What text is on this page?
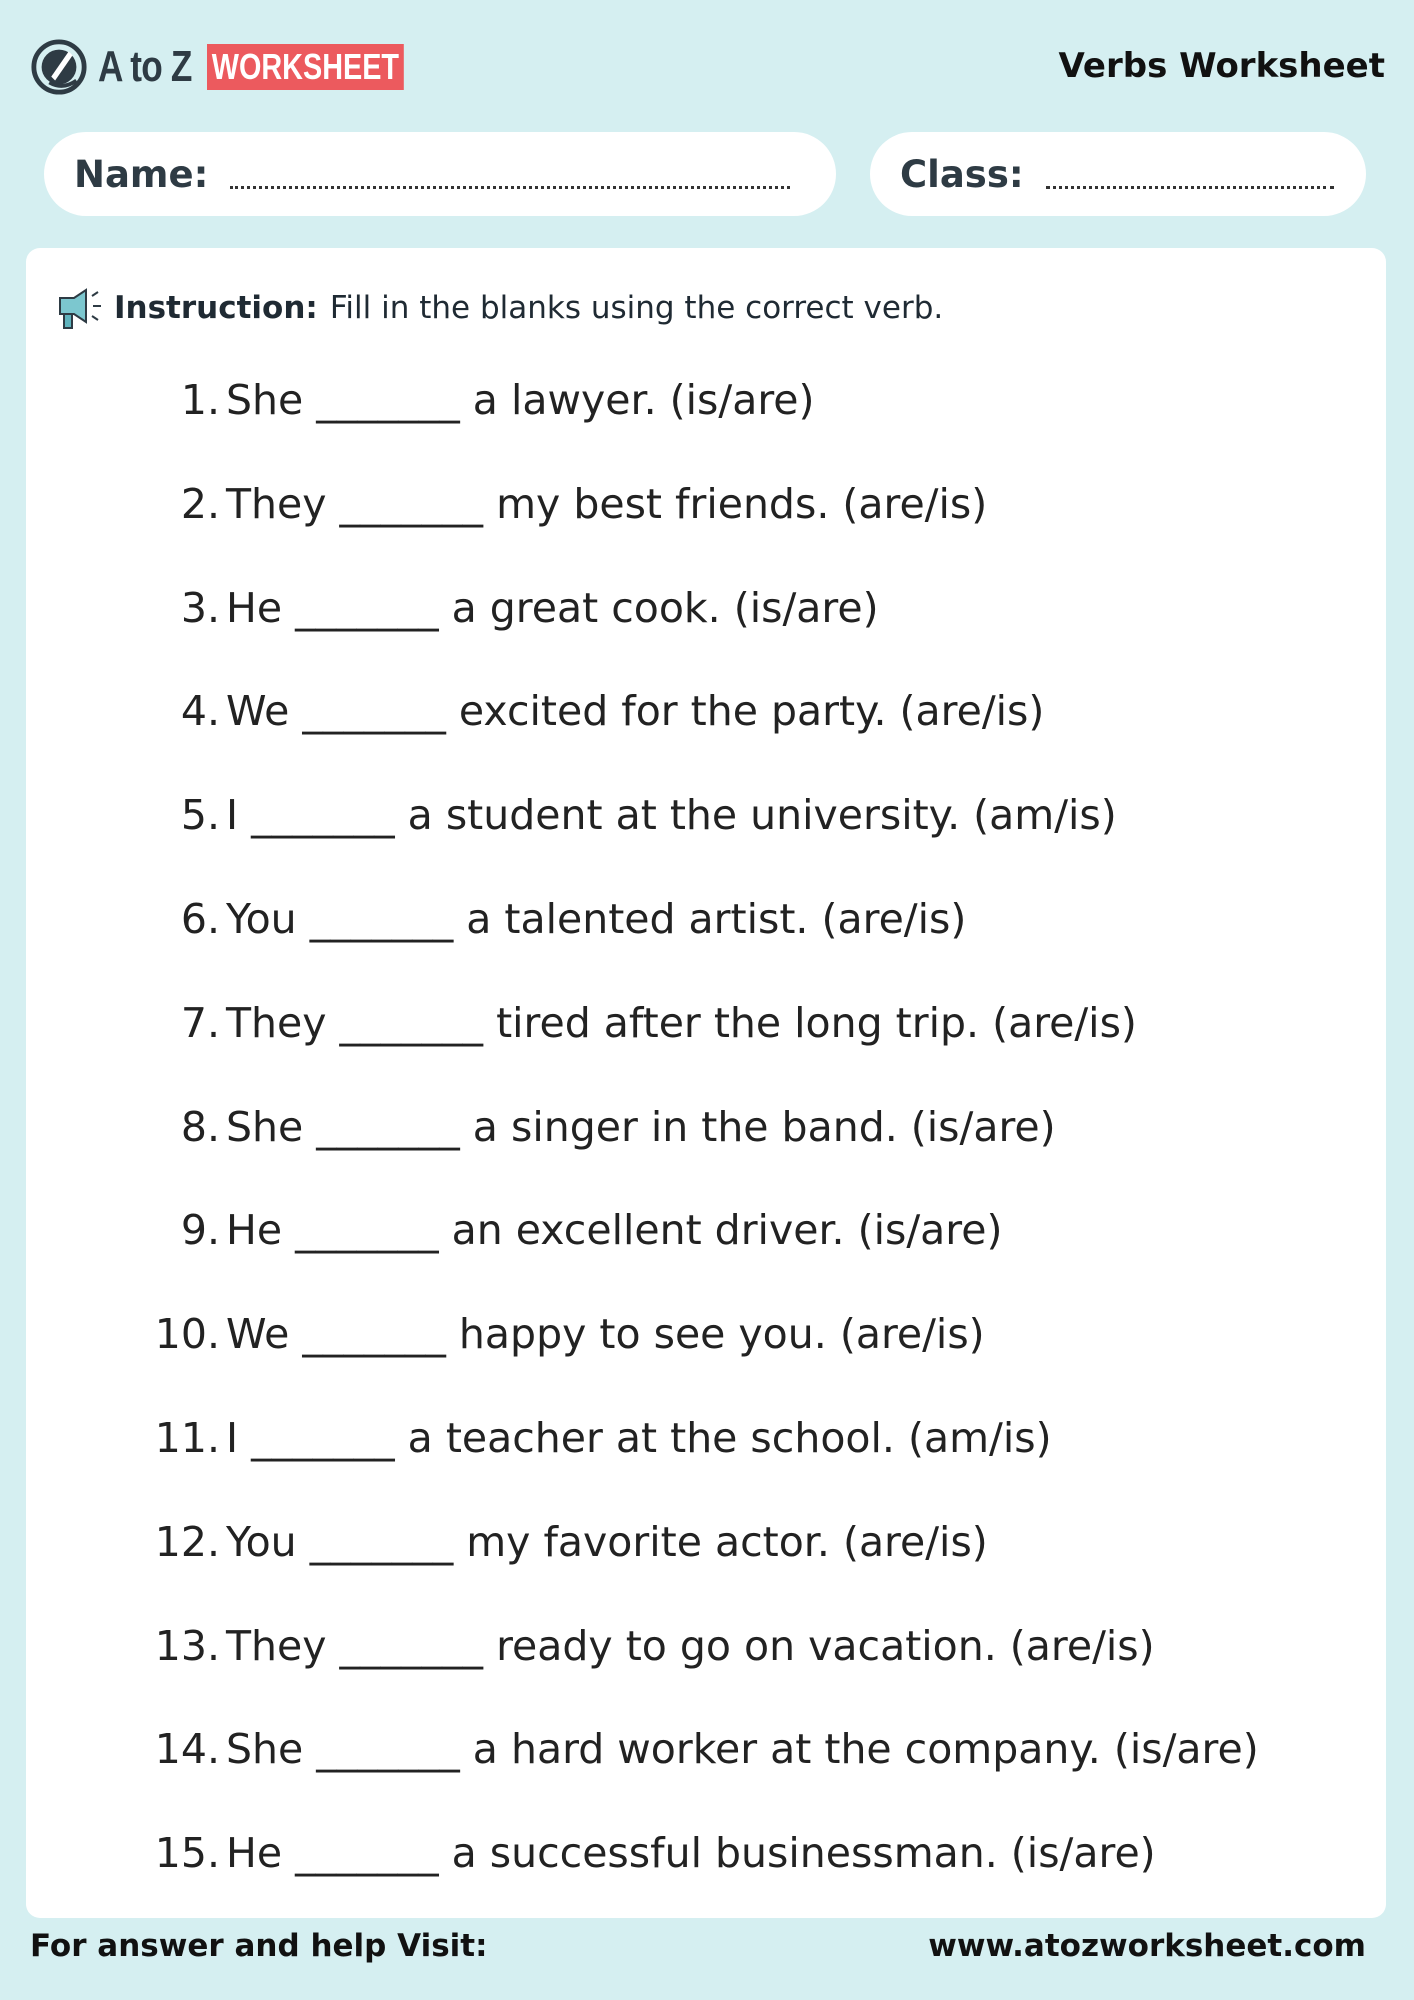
A to Z WORKSHEET	Verbs Worksheet
Name:	Class:
Instruction: Fill in the blanks using the correct verb.
1. She _______ a lawyer. (is/are)
2. They _______ my best friends. (are/is)
3. He _______ a great cook. (is/are)
4. We _______ excited for the party. (are/is)
5. I _______ a student at the university. (am/is)
6. You _______ a talented artist. (are/is)
7. They _______ tired after the long trip. (are/is)
8. She _______ a singer in the band. (is/are)
9. He _______ an excellent driver. (is/are)
10. We _______ happy to see you. (are/is)
11. I _______ a teacher at the school. (am/is)
12. You _______ my favorite actor. (are/is)
13. They _______ ready to go on vacation. (are/is)
14. She _______ a hard worker at the company. (is/are)
15. He _______ a successful businessman. (is/are)
For answer and help Visit:	www.atozworksheet.com
